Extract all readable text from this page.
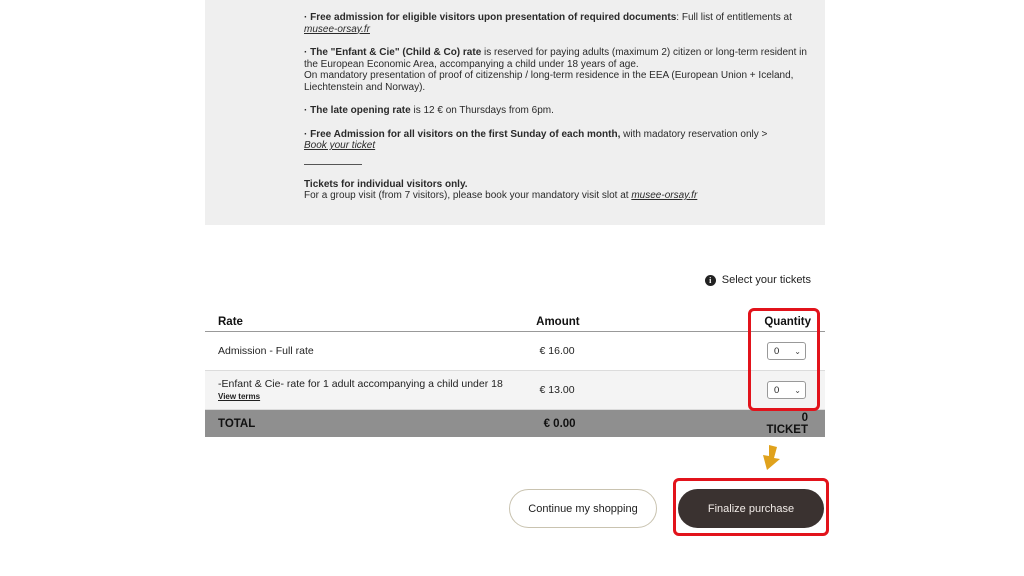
· Free admission for eligible visitors upon presentation of required documents: Full list of entitlements at musee-orsay.fr

· The "Enfant & Cie" (Child & Co) rate is reserved for paying adults (maximum 2) citizen or long-term resident in the European Economic Area, accompanying a child under 18 years of age.
On mandatory presentation of proof of citizenship / long-term residence in the EEA (European Union + Iceland, Liechtenstein and Norway).

· The late opening rate is 12 € on Thursdays from 6pm.

· Free Admission for all visitors on the first Sunday of each month, with madatory reservation only >
Book your ticket

Tickets for individual visitors only.
For a group visit (from 7 visitors), please book your mandatory visit slot at musee-orsay.fr

i Select your tickets
Rate	Amount	Quantity
Admission - Full rate	€ 16.00	0 ⌄

-Enfant & Cie- rate for 1 adult accompanying a child under 18 View terms	€ 13.00	0 ⌄

TOTAL	€ 0.00	0 TICKET
Continue my shopping	Finalize purchase
